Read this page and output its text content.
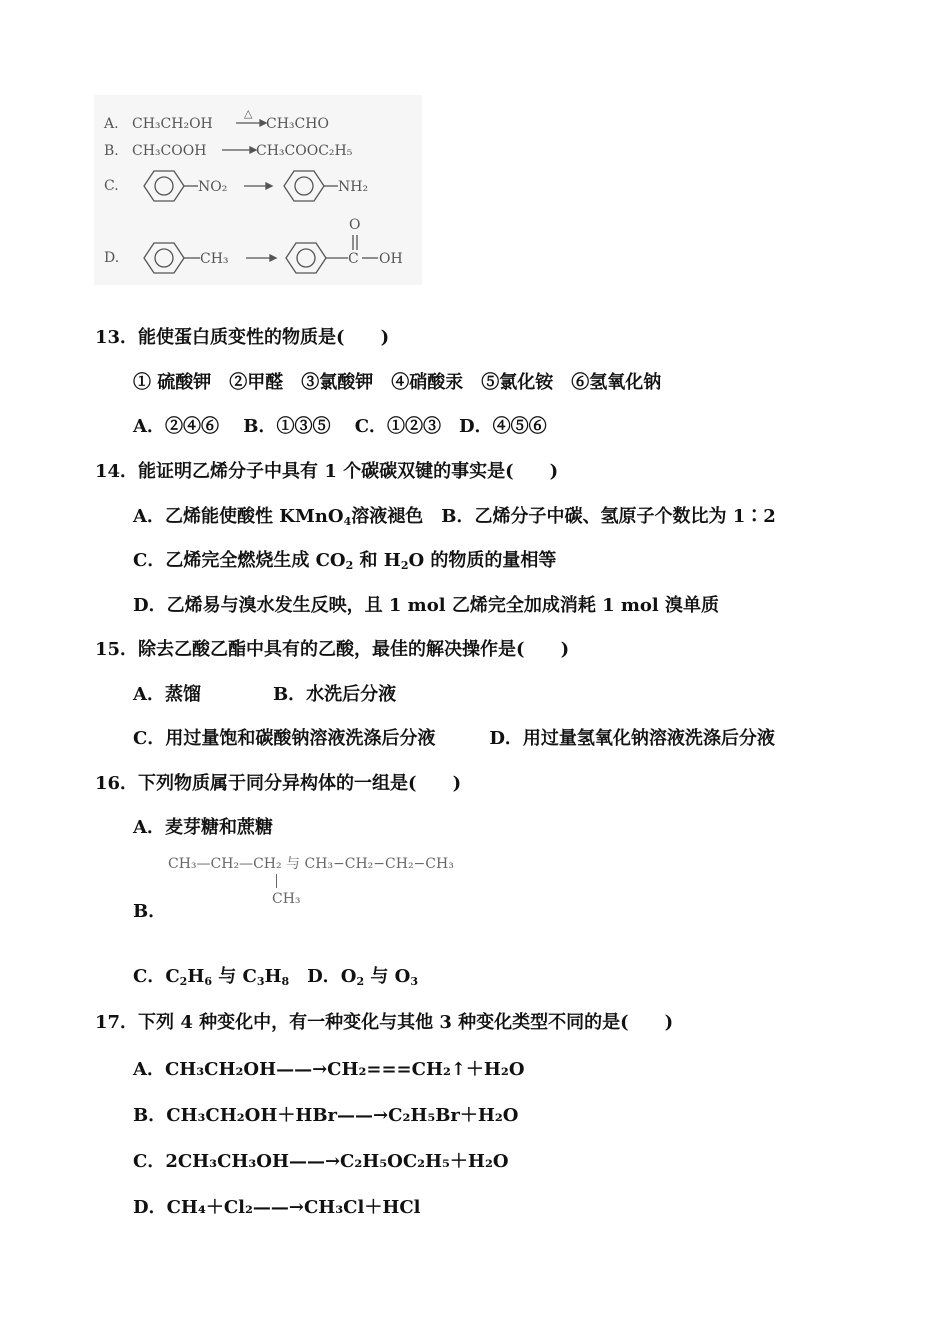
A. CH₃CH₂OH
△
CH₃CHO
B. CH₃COOH	CH₃COOC₂H₅
C.	NO₂	NH₂
D.	CH₃	C
O
OH
13．能使蛋白质变性的物质是(　　)
① 硫酸钾　②甲醛　③氯酸钾　④硝酸汞　⑤氯化铵　⑥氢氧化钠
A．②④⑥　 B．①③⑤　 C．①②③　D．④⑤⑥
14．能证明乙烯分子中具有 1 个碳碳双键的事实是(　　)
A．乙烯能使酸性 KMnO$_4$溶液褪色　B．乙烯分子中碳、氢原子个数比为 1∶2
C．乙烯完全燃烧生成 $CO_2$ 和 $H_2O$ 的物质的量相等
D．乙烯易与溴水发生反映，且 1 mol 乙烯完全加成消耗 1 mol 溴单质
15．除去乙酸乙酯中具有的乙酸，最佳的解决操作是(　　)
A．蒸馏　　　　B．水洗后分液
C．用过量饱和碳酸钠溶液洗涤后分液　　　D．用过量氢氧化钠溶液洗涤后分液
16．下列物质属于同分异构体的一组是(　　)
A．麦芽糖和蔗糖
CH₃—CH₂—CH₂ 与 CH₃−CH₂−CH₂−CH₃
CH₃
B．
C．$C_2H_6$ 与 $C_3H_8$　D．$O_2$ 与 $O_3$
17．下列 4 种变化中，有一种变化与其他 3 种变化类型不同的是(　　)
A．CH₃CH₂OH——→CH₂===CH₂↑＋H₂O
B．CH₃CH₂OH＋HBr——→C₂H₅Br＋H₂O
C．2CH₃CH₃OH——→C₂H₅OC₂H₅＋H₂O
D．CH₄＋Cl₂——→CH₃Cl＋HCl
